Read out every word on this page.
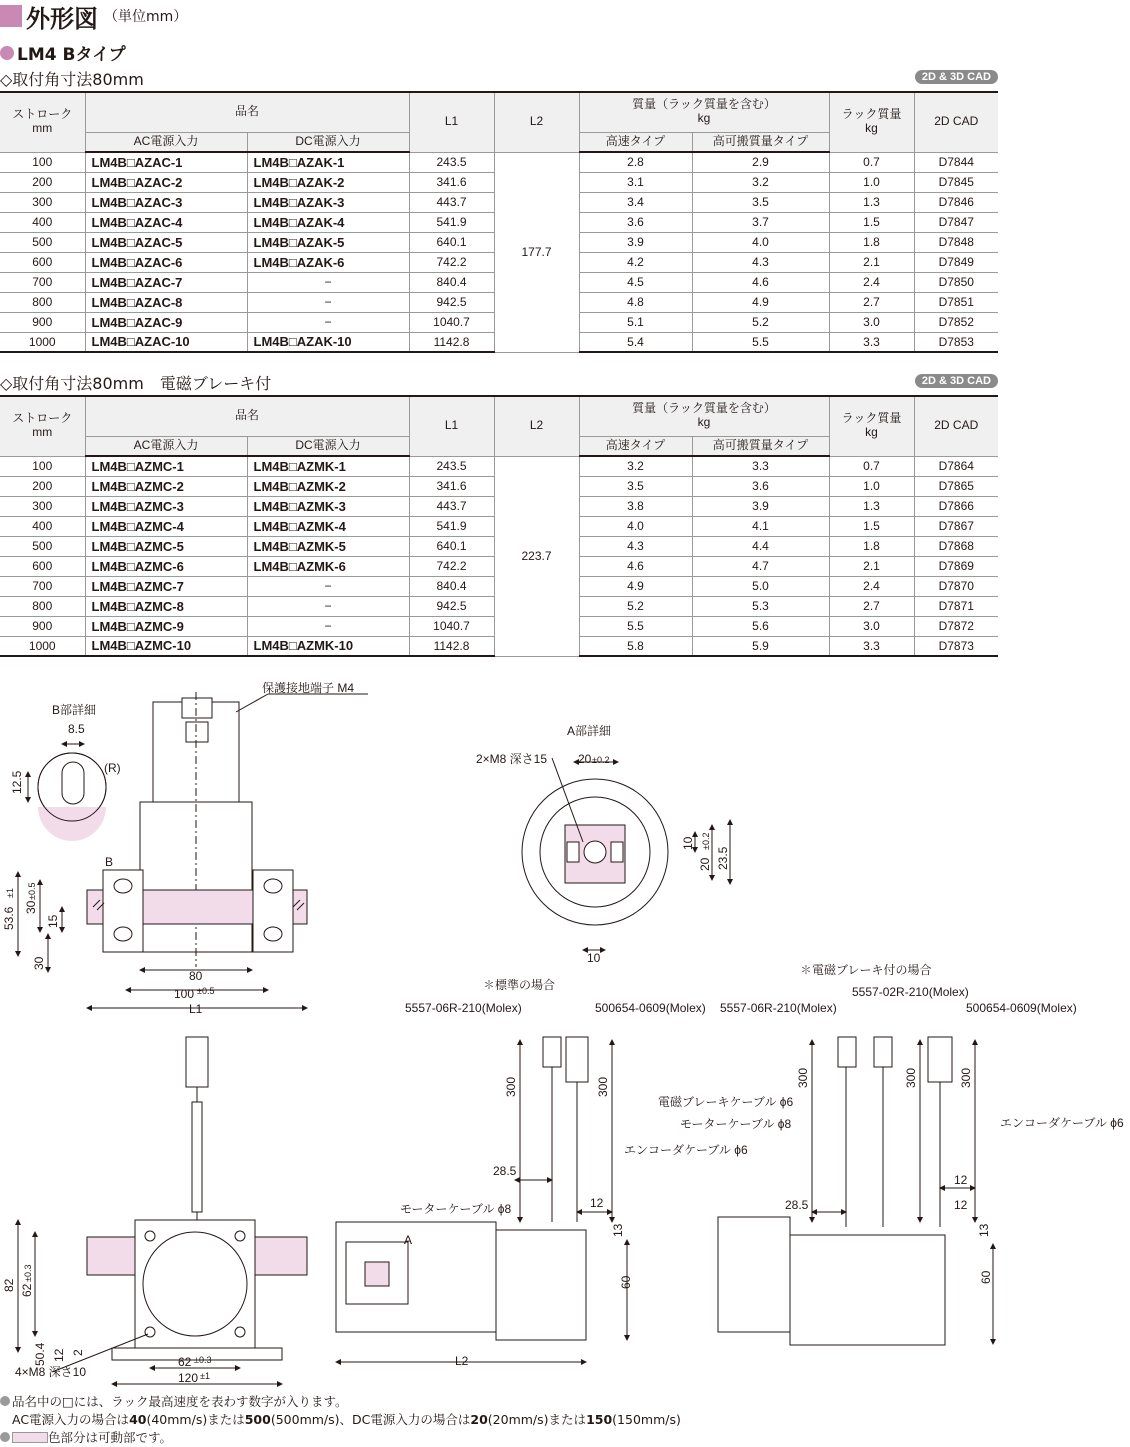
外形図 （単位mm）
LM4 Bタイプ
◇取付角寸法80mm	2D & 3D CAD
ストローク
mm	品名		L1	L2	質量（ラック質量を含む）
kg		ラック質量
kg	2D CAD
	AC電源入力	DC電源入力			高速タイプ	高可搬質量タイプ		
100	LM4B□AZAC-1	LM4B□AZAK-1	243.5	177.7	2.8	2.9	0.7	D7844
200	LM4B□AZAC-2	LM4B□AZAK-2	341.6		3.1	3.2	1.0	D7845
300	LM4B□AZAC-3	LM4B□AZAK-3	443.7		3.4	3.5	1.3	D7846
400	LM4B□AZAC-4	LM4B□AZAK-4	541.9		3.6	3.7	1.5	D7847
500	LM4B□AZAC-5	LM4B□AZAK-5	640.1		3.9	4.0	1.8	D7848
600	LM4B□AZAC-6	LM4B□AZAK-6	742.2		4.2	4.3	2.1	D7849
700	LM4B□AZAC-7	−	840.4		4.5	4.6	2.4	D7850
800	LM4B□AZAC-8	−	942.5		4.8	4.9	2.7	D7851
900	LM4B□AZAC-9	−	1040.7		5.1	5.2	3.0	D7852
1000	LM4B□AZAC-10	LM4B□AZAK-10	1142.8		5.4	5.5	3.3	D7853
◇取付角寸法80mm　電磁ブレーキ付	2D & 3D CAD
ストローク
mm	品名		L1	L2	質量（ラック質量を含む）
kg		ラック質量
kg	2D CAD
	AC電源入力	DC電源入力			高速タイプ	高可搬質量タイプ		
100	LM4B□AZMC-1	LM4B□AZMK-1	243.5	223.7	3.2	3.3	0.7	D7864
200	LM4B□AZMC-2	LM4B□AZMK-2	341.6		3.5	3.6	1.0	D7865
300	LM4B□AZMC-3	LM4B□AZMK-3	443.7		3.8	3.9	1.3	D7866
400	LM4B□AZMC-4	LM4B□AZMK-4	541.9		4.0	4.1	1.5	D7867
500	LM4B□AZMC-5	LM4B□AZMK-5	640.1		4.3	4.4	1.8	D7868
600	LM4B□AZMC-6	LM4B□AZMK-6	742.2		4.6	4.7	2.1	D7869
700	LM4B□AZMC-7	−	840.4		4.9	5.0	2.4	D7870
800	LM4B□AZMC-8	−	942.5		5.2	5.3	2.7	D7871
900	LM4B□AZMC-9	−	1040.7		5.5	5.6	3.0	D7872
1000	LM4B□AZMC-10	LM4B□AZMK-10	1142.8		5.8	5.9	3.3	D7873
保護接地端子 M4
B部詳細
8.5
(R)
12.5
B
53.6
±1
30
±0.5
15
30
80
100 ±0.5
L1
A部詳細
2×M8 深さ15	20 ±0.2
10
20
±0.2
23.5
10
✽標準の場合
5557-06R-210(Molex)	500654-0609(Molex)
✽電磁ブレーキ付の場合
5557-02R-210(Molex)
5557-06R-210(Molex)	500654-0609(Molex)
300	300
28.5
12
エンコーダケーブル ϕ6
モーターケーブル ϕ8
A
13
60
L2
300	300	300
電磁ブレーキケーブル ϕ6
モーターケーブル ϕ8	エンコーダケーブル ϕ6
12
28.5	12
13
60
82 62
±0.3
50.4 12 2
62 ±0.3
120 ±1
4×M8 深さ10
品名中の□には、ラック最高速度を表わす数字が入ります。
AC電源入力の場合は40(40mm/s)または500(500mm/s)、DC電源入力の場合は20(20mm/s)または150(150mm/s)
色部分は可動部です。
